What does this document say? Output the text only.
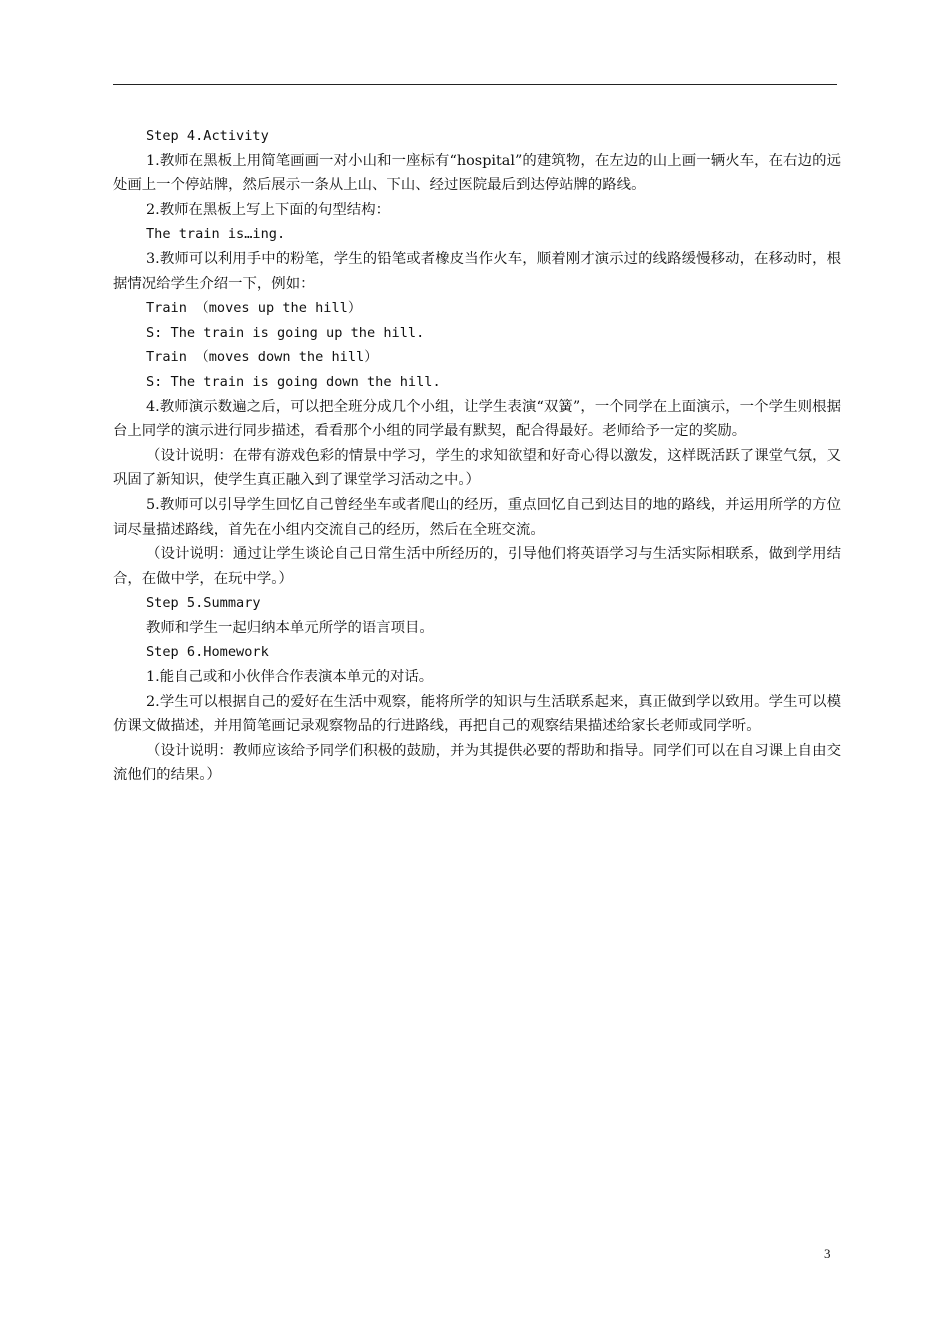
Step 4.Activity

1.教师在黑板上用简笔画画一对小山和一座标有“hospital”的建筑物，在左边的山上画一辆火车，在右边的远处画上一个停站牌，然后展示一条从上山、下山、经过医院最后到达停站牌的路线。

2.教师在黑板上写上下面的句型结构：

The train is…ing.

3.教师可以利用手中的粉笔，学生的铅笔或者橡皮当作火车，顺着刚才演示过的线路缓慢移动，在移动时，根据情况给学生介绍一下，例如：

Train （moves up the hill）

S: The train is going up the hill.

Train （moves down the hill）

S: The train is going down the hill.

4.教师演示数遍之后，可以把全班分成几个小组，让学生表演“双簧”，一个同学在上面演示，一个学生则根据台上同学的演示进行同步描述，看看那个小组的同学最有默契，配合得最好。老师给予一定的奖励。

（设计说明：在带有游戏色彩的情景中学习，学生的求知欲望和好奇心得以激发，这样既活跃了课堂气氛，又巩固了新知识，使学生真正融入到了课堂学习活动之中。）

5.教师可以引导学生回忆自己曾经坐车或者爬山的经历，重点回忆自己到达目的地的路线，并运用所学的方位词尽量描述路线，首先在小组内交流自己的经历，然后在全班交流。

（设计说明：通过让学生谈论自己日常生活中所经历的，引导他们将英语学习与生活实际相联系，做到学用结合，在做中学，在玩中学。）

Step 5.Summary

教师和学生一起归纳本单元所学的语言项目。

Step 6.Homework

1.能自己或和小伙伴合作表演本单元的对话。

2.学生可以根据自己的爱好在生活中观察，能将所学的知识与生活联系起来，真正做到学以致用。学生可以模仿课文做描述，并用简笔画记录观察物品的行进路线，再把自己的观察结果描述给家长老师或同学听。

（设计说明：教师应该给予同学们积极的鼓励，并为其提供必要的帮助和指导。同学们可以在自习课上自由交流他们的结果。）

3
